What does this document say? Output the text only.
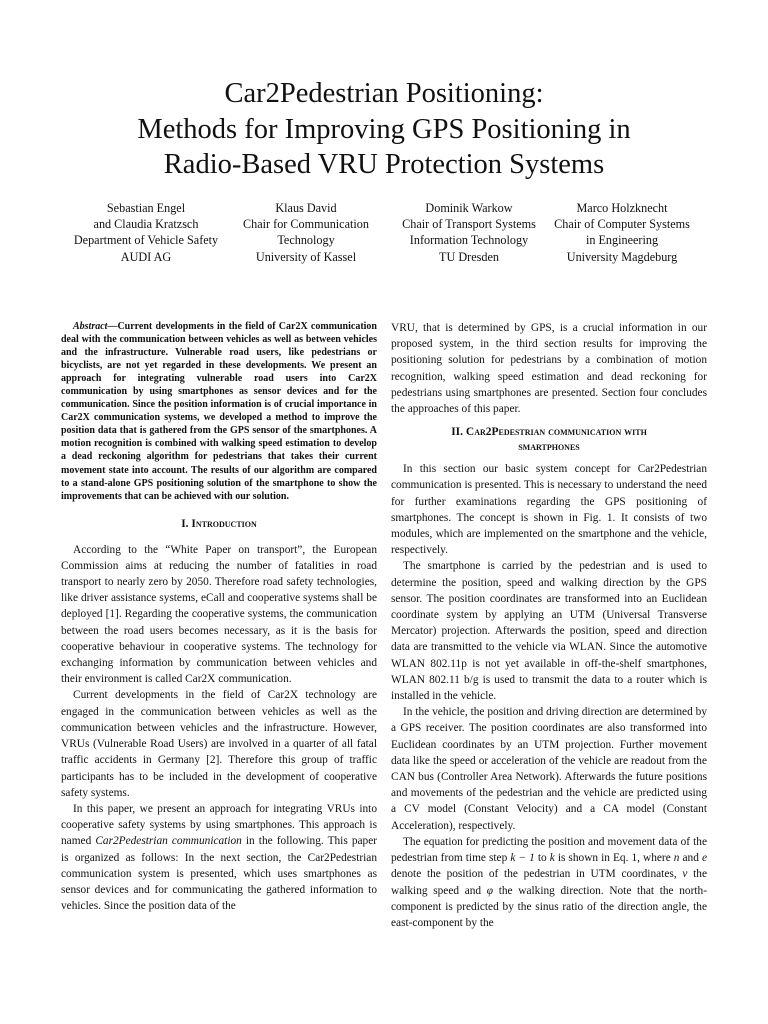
Car2Pedestrian Positioning:
Methods for Improving GPS Positioning in
Radio-Based VRU Protection Systems
Sebastian Engel
and Claudia Kratzsch
Department of Vehicle Safety
AUDI AG
Klaus David
Chair for Communication
Technology
University of Kassel
Dominik Warkow
Chair of Transport Systems
Information Technology
TU Dresden
Marco Holzknecht
Chair of Computer Systems
in Engineering
University Magdeburg

Abstract—Current developments in the field of Car2X communication deal with the communication between vehicles as well as between vehicles and the infrastructure. Vulnerable road users, like pedestrians or bicyclists, are not yet regarded in these developments. We present an approach for integrating vulnerable road users into Car2X communication by using smartphones as sensor devices and for the communication. Since the position information is of crucial importance in Car2X communication systems, we developed a method to improve the position data that is gathered from the GPS sensor of the smartphones. A motion recognition is combined with walking speed estimation to develop a dead reckoning algorithm for pedestrians that takes their current movement state into account. The results of our algorithm are compared to a stand-alone GPS positioning solution of the smartphone to show the improvements that can be achieved with our solution.

I. Introduction

According to the “White Paper on transport”, the European Commission aims at reducing the number of fatalities in road transport to nearly zero by 2050. Therefore road safety technologies, like driver assistance systems, eCall and cooperative systems shall be deployed [1]. Regarding the cooperative systems, the communication between the road users becomes necessary, as it is the basis for cooperative behaviour in cooperative systems. The technology for exchanging information by communication between vehicles and their environment is called Car2X communication.

Current developments in the field of Car2X technology are engaged in the communication between vehicles as well as the communication between vehicles and the infrastructure. However, VRUs (Vulnerable Road Users) are involved in a quarter of all fatal traffic accidents in Germany [2]. Therefore this group of traffic participants has to be included in the development of cooperative safety systems.

In this paper, we present an approach for integrating VRUs into cooperative safety systems by using smartphones. This approach is named Car2Pedestrian communication in the following. This paper is organized as follows: In the next section, the Car2Pedestrian communication system is presented, which uses smartphones as sensor devices and for communicating the gathered information to vehicles. Since the position data of the

VRU, that is determined by GPS, is a crucial information in our proposed system, in the third section results for improving the positioning solution for pedestrians by a combination of motion recognition, walking speed estimation and dead reckoning for pedestrians using smartphones are presented. Section four concludes the approaches of this paper.

II. Car2Pedestrian communication with
smartphones

In this section our basic system concept for Car2Pedestrian communication is presented. This is necessary to understand the need for further examinations regarding the GPS positioning of smartphones. The concept is shown in Fig. 1. It consists of two modules, which are implemented on the smartphone and the vehicle, respectively.

The smartphone is carried by the pedestrian and is used to determine the position, speed and walking direction by the GPS sensor. The position coordinates are transformed into an Euclidean coordinate system by applying an UTM (Universal Transverse Mercator) projection. Afterwards the position, speed and direction data are transmitted to the vehicle via WLAN. Since the automotive WLAN 802.11p is not yet available in off-the-shelf smartphones, WLAN 802.11 b/g is used to transmit the data to a router which is installed in the vehicle.

In the vehicle, the position and driving direction are determined by a GPS receiver. The position coordinates are also transformed into Euclidean coordinates by an UTM projection. Further movement data like the speed or acceleration of the vehicle are readout from the CAN bus (Controller Area Network). Afterwards the future positions and movements of the pedestrian and the vehicle are predicted using a CV model (Constant Velocity) and a CA model (Constant Acceleration), respectively.

The equation for predicting the position and movement data of the pedestrian from time step k − 1 to k is shown in Eq. 1, where n and e denote the position of the pedestrian in UTM coordinates, v the walking speed and φ the walking direction. Note that the north-component is predicted by the sinus ratio of the direction angle, the east-component by the
